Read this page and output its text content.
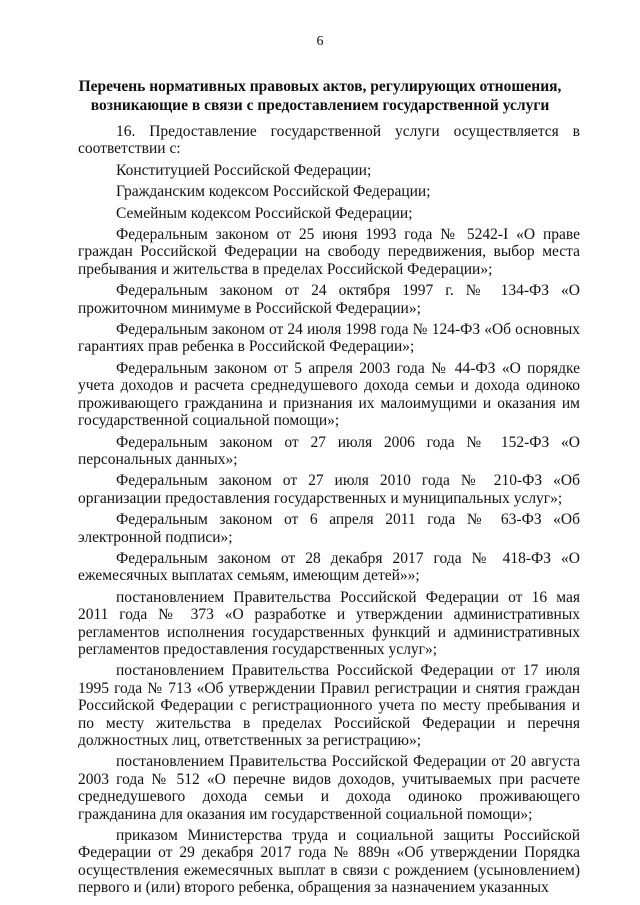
6
Перечень нормативных правовых актов, регулирующих отношения, возникающие в связи с предоставлением государственной услуги

16. Предоставление государственной услуги осуществляется в соответствии с:

Конституцией Российской Федерации;

Гражданским кодексом Российской Федерации;

Семейным кодексом Российской Федерации;

Федеральным законом от 25 июня 1993 года № 5242-I «О праве граждан Российской Федерации на свободу передвижения, выбор места пребывания и жительства в пределах Российской Федерации»;

Федеральным законом от 24 октября 1997 г. № 134-ФЗ «О прожиточном минимуме в Российской Федерации»;

Федеральным законом от 24 июля 1998 года № 124-ФЗ «Об основных гарантиях прав ребенка в Российской Федерации»;

Федеральным законом от 5 апреля 2003 года № 44-ФЗ «О порядке учета доходов и расчета среднедушевого дохода семьи и дохода одиноко проживающего гражданина и признания их малоимущими и оказания им государственной социальной помощи»;

Федеральным законом от 27 июля 2006 года № 152-ФЗ «О персональных данных»;

Федеральным законом от 27 июля 2010 года № 210-ФЗ «Об организации предоставления государственных и муниципальных услуг»;

Федеральным законом от 6 апреля 2011 года № 63-ФЗ «Об электронной подписи»;

Федеральным законом от 28 декабря 2017 года № 418-ФЗ «О ежемесячных выплатах семьям, имеющим детей»»;

постановлением Правительства Российской Федерации от 16 мая 2011 года № 373 «О разработке и утверждении административных регламентов исполнения государственных функций и административных регламентов предоставления государственных услуг»;

постановлением Правительства Российской Федерации от 17 июля 1995 года № 713 «Об утверждении Правил регистрации и снятия граждан Российской Федерации с регистрационного учета по месту пребывания и по месту жительства в пределах Российской Федерации и перечня должностных лиц, ответственных за регистрацию»;

постановлением Правительства Российской Федерации от 20 августа 2003 года № 512 «О перечне видов доходов, учитываемых при расчете среднедушевого дохода семьи и дохода одиноко проживающего гражданина для оказания им государственной социальной помощи»;

приказом Министерства труда и социальной защиты Российской Федерации от 29 декабря 2017 года № 889н «Об утверждении Порядка осуществления ежемесячных выплат в связи с рождением (усыновлением) первого и (или) второго ребенка, обращения за назначением указанных
